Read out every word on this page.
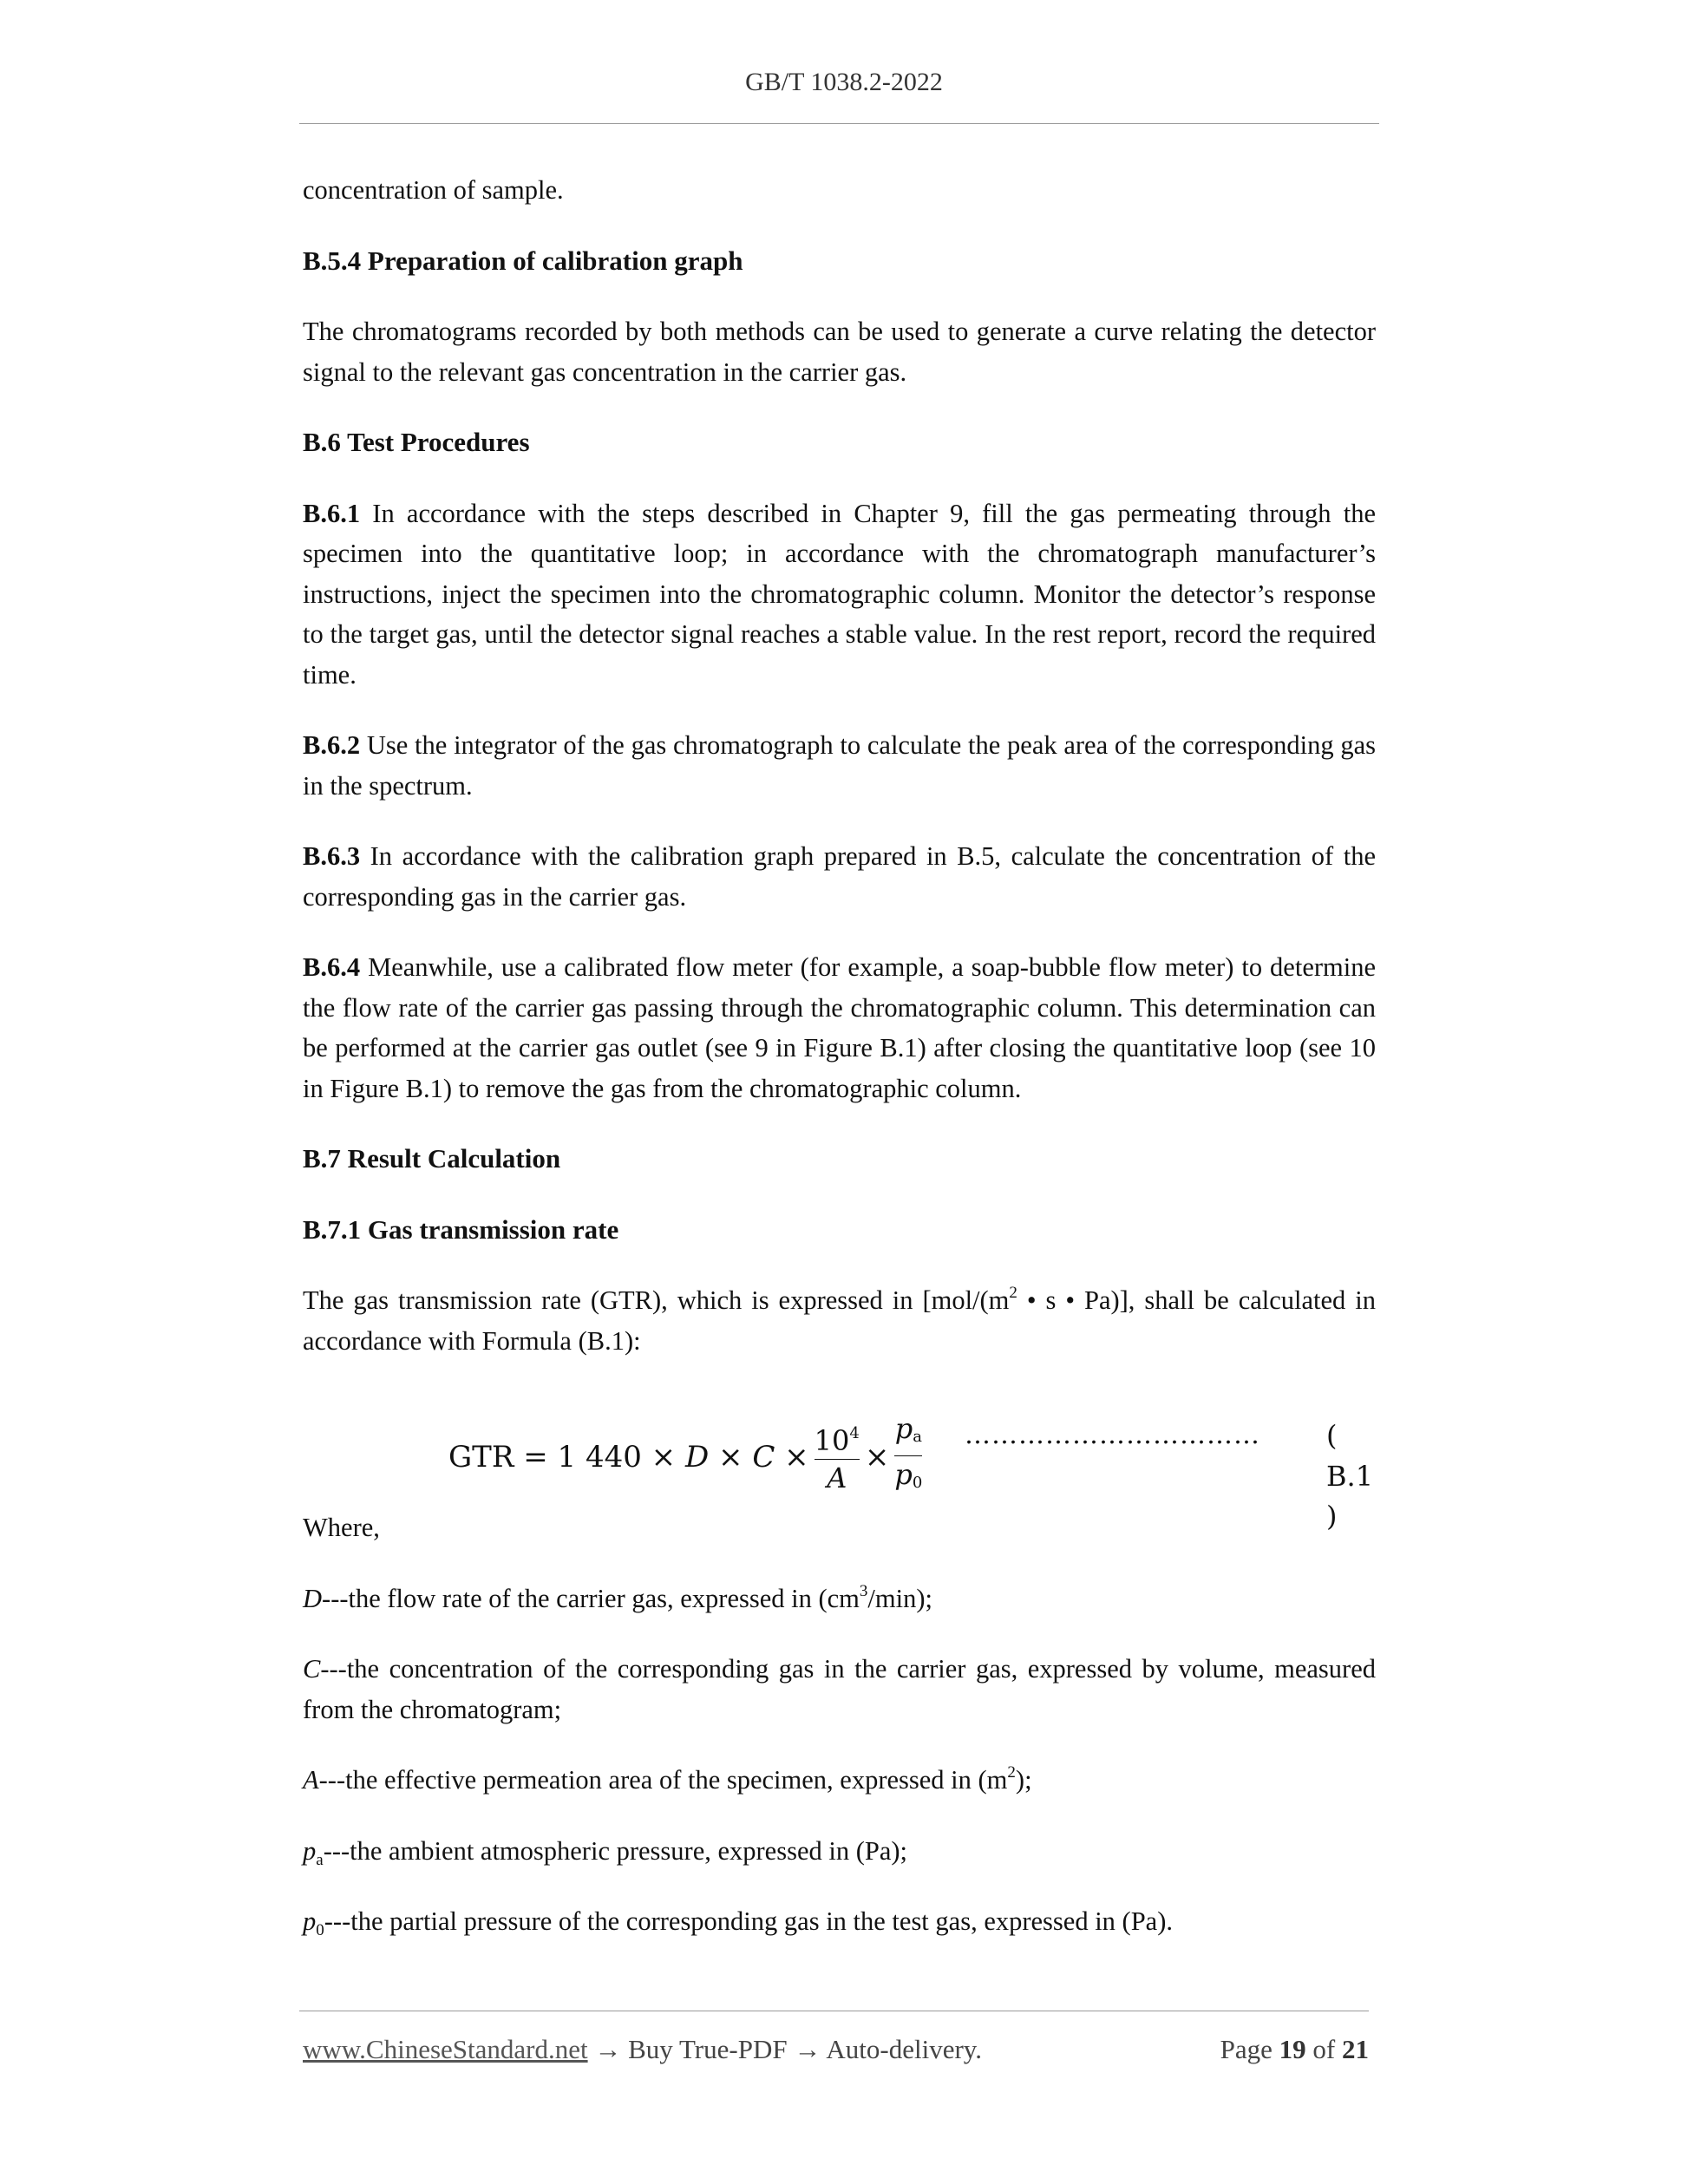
GB/T 1038.2-2022

concentration of sample.

B.5.4 Preparation of calibration graph

The chromatograms recorded by both methods can be used to generate a curve relating the detector signal to the relevant gas concentration in the carrier gas.

B.6 Test Procedures

B.6.1 In accordance with the steps described in Chapter 9, fill the gas permeating through the specimen into the quantitative loop; in accordance with the chromatograph manufacturer’s instructions, inject the specimen into the chromatographic column. Monitor the detector’s response to the target gas, until the detector signal reaches a stable value. In the rest report, record the required time.

B.6.2 Use the integrator of the gas chromatograph to calculate the peak area of the corresponding gas in the spectrum.

B.6.3 In accordance with the calibration graph prepared in B.5, calculate the concentration of the corresponding gas in the carrier gas.

B.6.4 Meanwhile, use a calibrated flow meter (for example, a soap-bubble flow meter) to determine the flow rate of the carrier gas passing through the chromatographic column. This determination can be performed at the carrier gas outlet (see 9 in Figure B.1) after closing the quantitative loop (see 10 in Figure B.1) to remove the gas from the chromatographic column.

B.7 Result Calculation
B.7.1 Gas transmission rate

The gas transmission rate (GTR), which is expressed in [$mol/(m^2$ • s • Pa)], shall be calculated in accordance with Formula (B.1):

GTR = 1 $440 \times D \times C \times \frac{10^4}{A} \times \frac{pa}{p0}$ …………………………… ( B.1 )

Where,

D---the flow rate of the carrier gas, expressed in $(cm^3/\min)$;

C---the concentration of the corresponding gas in the carrier gas, expressed by volume, measured from the chromatogram;

A---the effective permeation area of the specimen, expressed in $(m^2)$;

$p_a--$-the ambient atmospheric pressure, expressed in (Pa);

$p_0--$-the partial pressure of the corresponding gas in the test gas, expressed in (Pa).

www.ChineseStandard.net → Buy True-PDF → Auto-delivery.	Page 19 of 21
